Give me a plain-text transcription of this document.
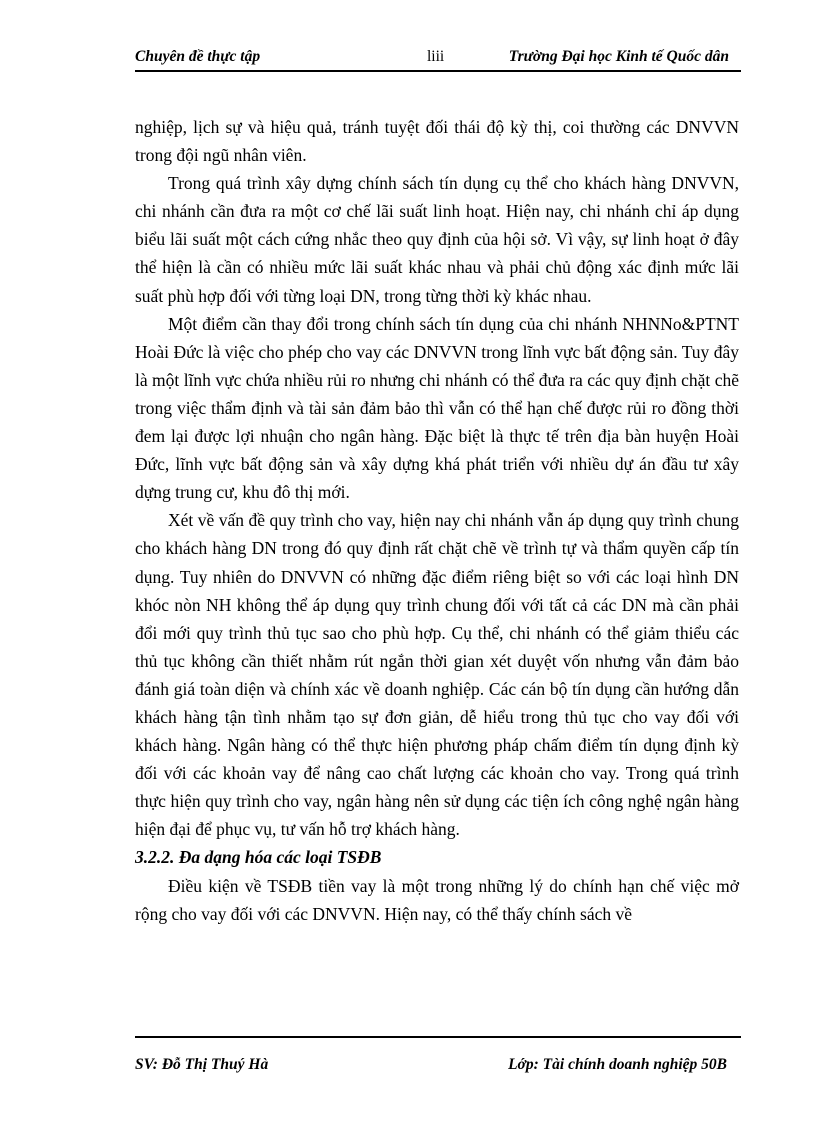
Chuyên đề thực tập	liii	Trường Đại học Kinh tế Quốc dân

nghiệp, lịch sự và hiệu quả, tránh tuyệt đối thái độ kỳ thị, coi thường các DNVVN trong đội ngũ nhân viên.

Trong quá trình xây dựng chính sách tín dụng cụ thể cho khách hàng DNVVN, chi nhánh cần đưa ra một cơ chế lãi suất linh hoạt. Hiện nay, chi nhánh chỉ áp dụng biểu lãi suất một cách cứng nhắc theo quy định của hội sở. Vì vậy, sự linh hoạt ở đây thể hiện là cần có nhiều mức lãi suất khác nhau và phải chủ động xác định mức lãi suất phù hợp đối với từng loại DN, trong từng thời kỳ khác nhau.

Một điểm cần thay đổi trong chính sách tín dụng của chi nhánh NHNNo&PTNT Hoài Đức là việc cho phép cho vay các DNVVN trong lĩnh vực bất động sản. Tuy đây là một lĩnh vực chứa nhiều rủi ro nhưng chi nhánh có thể đưa ra các quy định chặt chẽ trong việc thẩm định và tài sản đảm bảo thì vẫn có thể hạn chế được rủi ro đồng thời đem lại được lợi nhuận cho ngân hàng. Đặc biệt là thực tế trên địa bàn huyện Hoài Đức, lĩnh vực bất động sản và xây dựng khá phát triển với nhiều dự án đầu tư xây dựng trung cư, khu đô thị mới.

Xét về vấn đề quy trình cho vay, hiện nay chi nhánh vẫn áp dụng quy trình chung cho khách hàng DN trong đó quy định rất chặt chẽ về trình tự và thẩm quyền cấp tín dụng. Tuy nhiên do DNVVN có những đặc điểm riêng biệt so với các loại hình DN khóc nòn NH không thể áp dụng quy trình chung đối với tất cả các DN mà cần phải đổi mới quy trình thủ tục sao cho phù hợp. Cụ thể, chi nhánh có thể giảm thiểu các thủ tục không cần thiết nhằm rút ngắn thời gian xét duyệt vốn nhưng vẫn đảm bảo đánh giá toàn diện và chính xác về doanh nghiệp. Các cán bộ tín dụng cần hướng dẫn khách hàng tận tình nhằm tạo sự đơn giản, dễ hiểu trong thủ tục cho vay đối với khách hàng. Ngân hàng có thể thực hiện phương pháp chấm điểm tín dụng định kỳ đối với các khoản vay để nâng cao chất lượng các khoản cho vay. Trong quá trình thực hiện quy trình cho vay, ngân hàng nên sử dụng các tiện ích công nghệ ngân hàng hiện đại để phục vụ, tư vấn hỗ trợ khách hàng.

3.2.2. Đa dạng hóa các loại TSĐB

Điều kiện về TSĐB tiền vay là một trong những lý do chính hạn chế việc mở rộng cho vay đối với các DNVVN. Hiện nay, có thể thấy chính sách về

SV: Đỗ Thị Thuý Hà	Lớp: Tài chính doanh nghiệp 50B
